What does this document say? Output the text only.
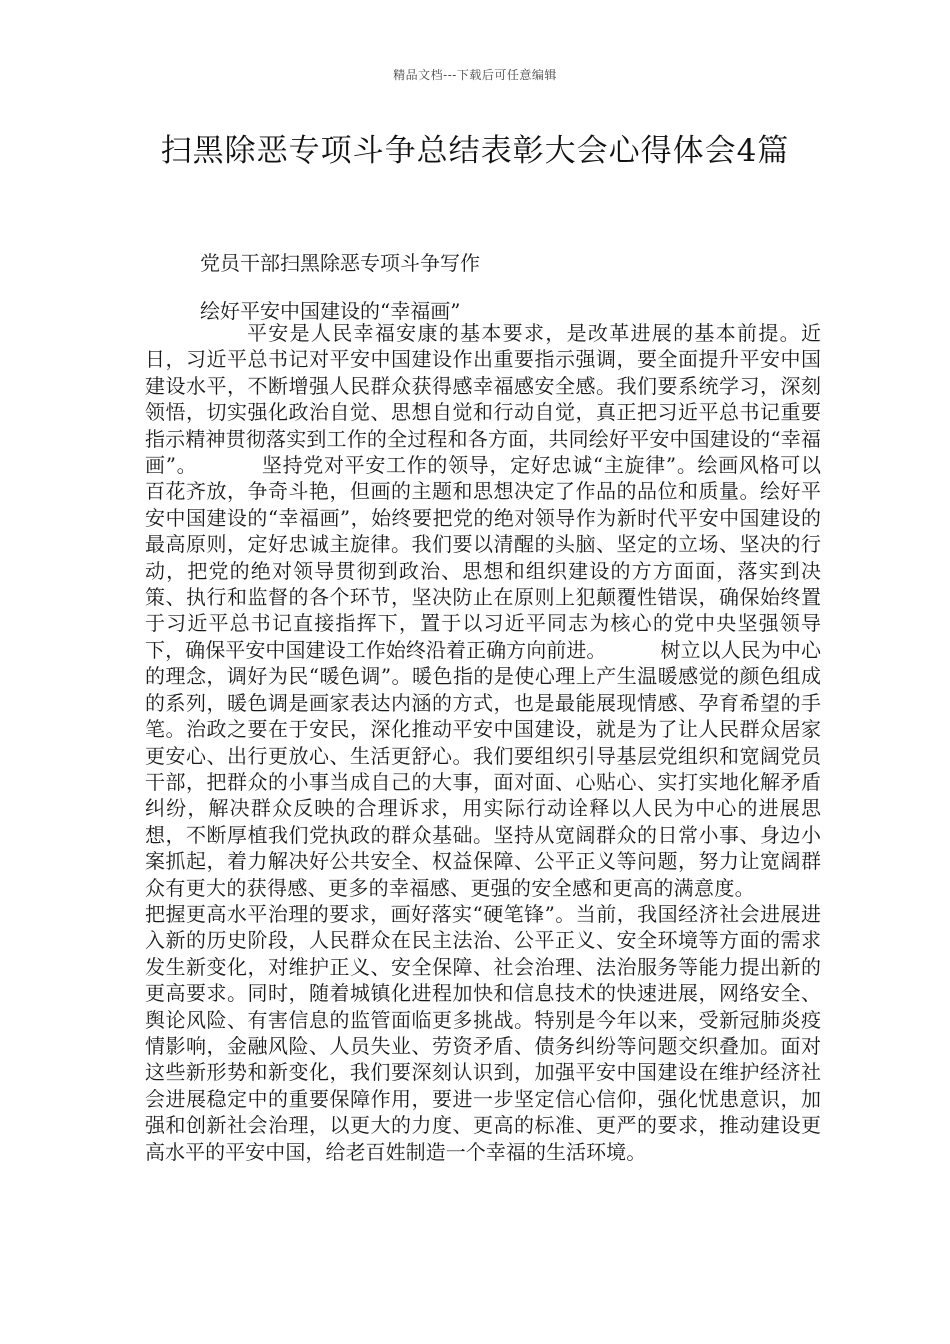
精品文档---下载后可任意编辑
扫黑除恶专项斗争总结表彰大会心得体会4篇
党员干部扫黑除恶专项斗争写作
绘好平安中国建设的“幸福画”

平安是人民幸福安康的基本要求，是改革进展的基本前提。近日，习近平总书记对平安中国建设作出重要指示强调，要全面提升平安中国建设水平，不断增强人民群众获得感幸福感安全感。我们要系统学习，深刻领悟，切实强化政治自觉、思想自觉和行动自觉，真正把习近平总书记重要指示精神贯彻落实到工作的全过程和各方面，共同绘好平安中国建设的“幸福画”。	坚持党对平安工作的领导，定好忠诚“主旋律”。绘画风格可以百花齐放，争奇斗艳，但画的主题和思想决定了作品的品位和质量。绘好平安中国建设的“幸福画”，始终要把党的绝对领导作为新时代平安中国建设的最高原则，定好忠诚主旋律。我们要以清醒的头脑、坚定的立场、坚决的行动，把党的绝对领导贯彻到政治、思想和组织建设的方方面面，落实到决策、执行和监督的各个环节，坚决防止在原则上犯颠覆性错误，确保始终置于习近平总书记直接指挥下，置于以习近平同志为核心的党中央坚强领导下，确保平安中国建设工作始终沿着正确方向前进。	树立以人民为中心的理念，调好为民“暖色调”。暖色指的是使心理上产生温暖感觉的颜色组成的系列，暖色调是画家表达内涵的方式，也是最能展现情感、孕育希望的手笔。治政之要在于安民，深化推动平安中国建设，就是为了让人民群众居家更安心、出行更放心、生活更舒心。我们要组织引导基层党组织和宽阔党员干部，把群众的小事当成自己的大事，面对面、心贴心、实打实地化解矛盾纠纷，解决群众反映的合理诉求，用实际行动诠释以人民为中心的进展思想，不断厚植我们党执政的群众基础。坚持从宽阔群众的日常小事、身边小案抓起，着力解决好公共安全、权益保障、公平正义等问题，努力让宽阔群众有更大的获得感、更多的幸福感、更强的安全感和更高的满意度。把握更高水平治理的要求，画好落实“硬笔锋”。当前，我国经济社会进展进入新的历史阶段，人民群众在民主法治、公平正义、安全环境等方面的需求发生新变化，对维护正义、安全保障、社会治理、法治服务等能力提出新的更高要求。同时，随着城镇化进程加快和信息技术的快速进展，网络安全、舆论风险、有害信息的监管面临更多挑战。特别是今年以来，受新冠肺炎疫情影响，金融风险、人员失业、劳资矛盾、债务纠纷等问题交织叠加。面对这些新形势和新变化，我们要深刻认识到，加强平安中国建设在维护经济社会进展稳定中的重要保障作用，要进一步坚定信心信仰，强化忧患意识，加强和创新社会治理，以更大的力度、更高的标准、更严的要求，推动建设更高水平的平安中国，给老百姓制造一个幸福的生活环境。
